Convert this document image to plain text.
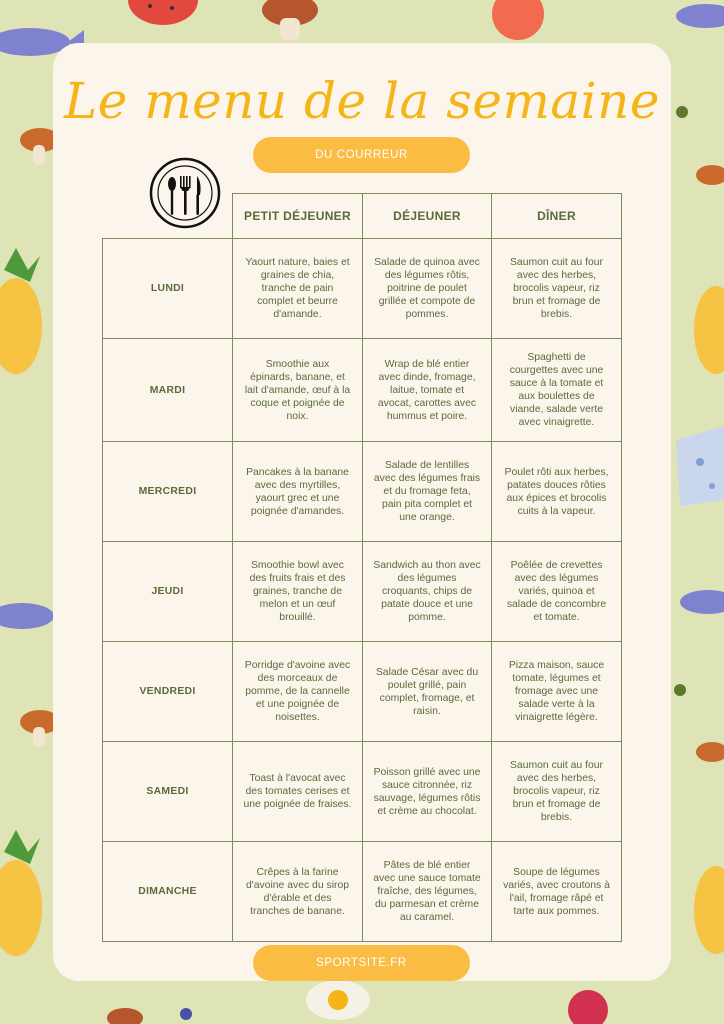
Le menu de la semaine
DU COURREUR
	PETIT DÉJEUNER	DÉJEUNER	DÎNER
LUNDI	Yaourt nature, baies et graines de chia, tranche de pain complet et beurre d'amande.	Salade de quinoa avec des légumes rôtis, poitrine de poulet grillée et compote de pommes.	Saumon cuit au four avec des herbes, brocolis vapeur, riz brun et fromage de brebis.
MARDI	Smoothie aux épinards, banane, et lait d'amande, œuf à la coque et poignée de noix.	Wrap de blé entier avec dinde, fromage, laitue, tomate et avocat, carottes avec hummus et poire.	Spaghetti de courgettes avec une sauce à la tomate et aux boulettes de viande, salade verte avec vinaigrette.
MERCREDI	Pancakes à la banane avec des myrtilles, yaourt grec et une poignée d'amandes.	Salade de lentilles avec des légumes frais et du fromage feta, pain pita complet et une orange.	Poulet rôti aux herbes, patates douces rôties aux épices et brocolis cuits à la vapeur.
JEUDI	Smoothie bowl avec des fruits frais et des graines, tranche de melon et un œuf brouillé.	Sandwich au thon avec des légumes croquants, chips de patate douce et une pomme.	Poêlée de crevettes avec des légumes variés, quinoa et salade de concombre et tomate.
VENDREDI	Porridge d'avoine avec des morceaux de pomme, de la cannelle et une poignée de noisettes.	Salade César avec du poulet grillé, pain complet, fromage, et raisin.	Pizza maison, sauce tomate, légumes et fromage avec une salade verte à la vinaigrette légère.
SAMEDI	Toast à l'avocat avec des tomates cerises et une poignée de fraises.	Poisson grillé avec une sauce citronnée, riz sauvage, légumes rôtis et crème au chocolat.	Saumon cuit au four avec des herbes, brocolis vapeur, riz brun et fromage de brebis.
DIMANCHE	Crêpes à la farine d'avoine avec du sirop d'érable et des tranches de banane.	Pâtes de blé entier avec une sauce tomate fraîche, des légumes, du parmesan et crème au caramel.	Soupe de légumes variés, avec croutons à l'ail, fromage râpé et tarte aux pommes.
SPORTSITE.FR
